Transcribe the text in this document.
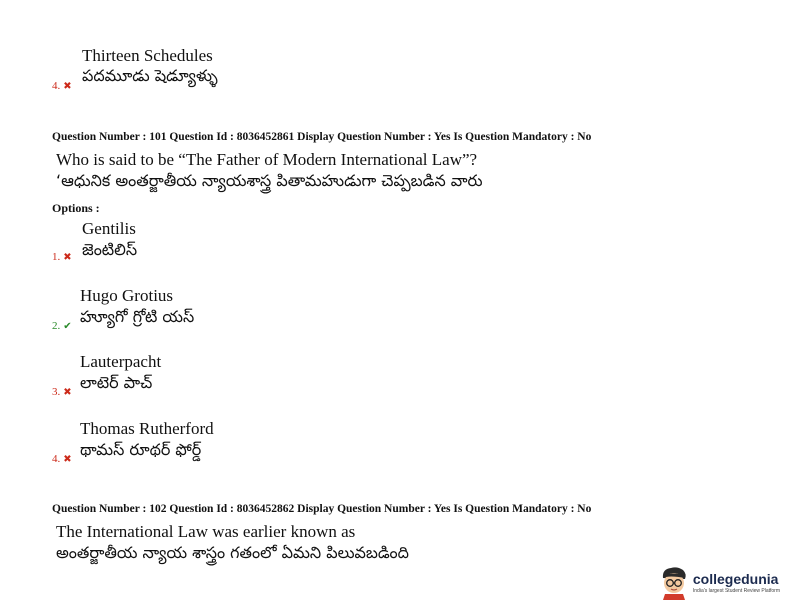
Thirteen Schedules
పదమూడు షెడ్యూళ్ళు
4. ✖
Question Number : 101 Question Id : 8036452861 Display Question Number : Yes Is Question Mandatory : No
Who is said to be “The Father of Modern International Law”?
‘ఆధునిక అంతర్జాతీయ న్యాయశాస్త్ర పితామహుడుగా చెప్పబడిన వారు
Options :
Gentilis
జెంటిలిస్
1. ✖
Hugo Grotius
హ్యూగో గ్రోటి యస్
2. ✔
Lauterpacht
లాటెర్ పాచ్
3. ✖
Thomas Rutherford
థామస్ రూథర్ ఫోర్డ్
4. ✖
Question Number : 102 Question Id : 8036452862 Display Question Number : Yes Is Question Mandatory : No
The International Law was earlier known as
అంతర్జాతీయ న్యాయ శాస్త్రం గతంలో ఏమని పిలువబడింది
collegedunia
India's largest Student Review Platform
